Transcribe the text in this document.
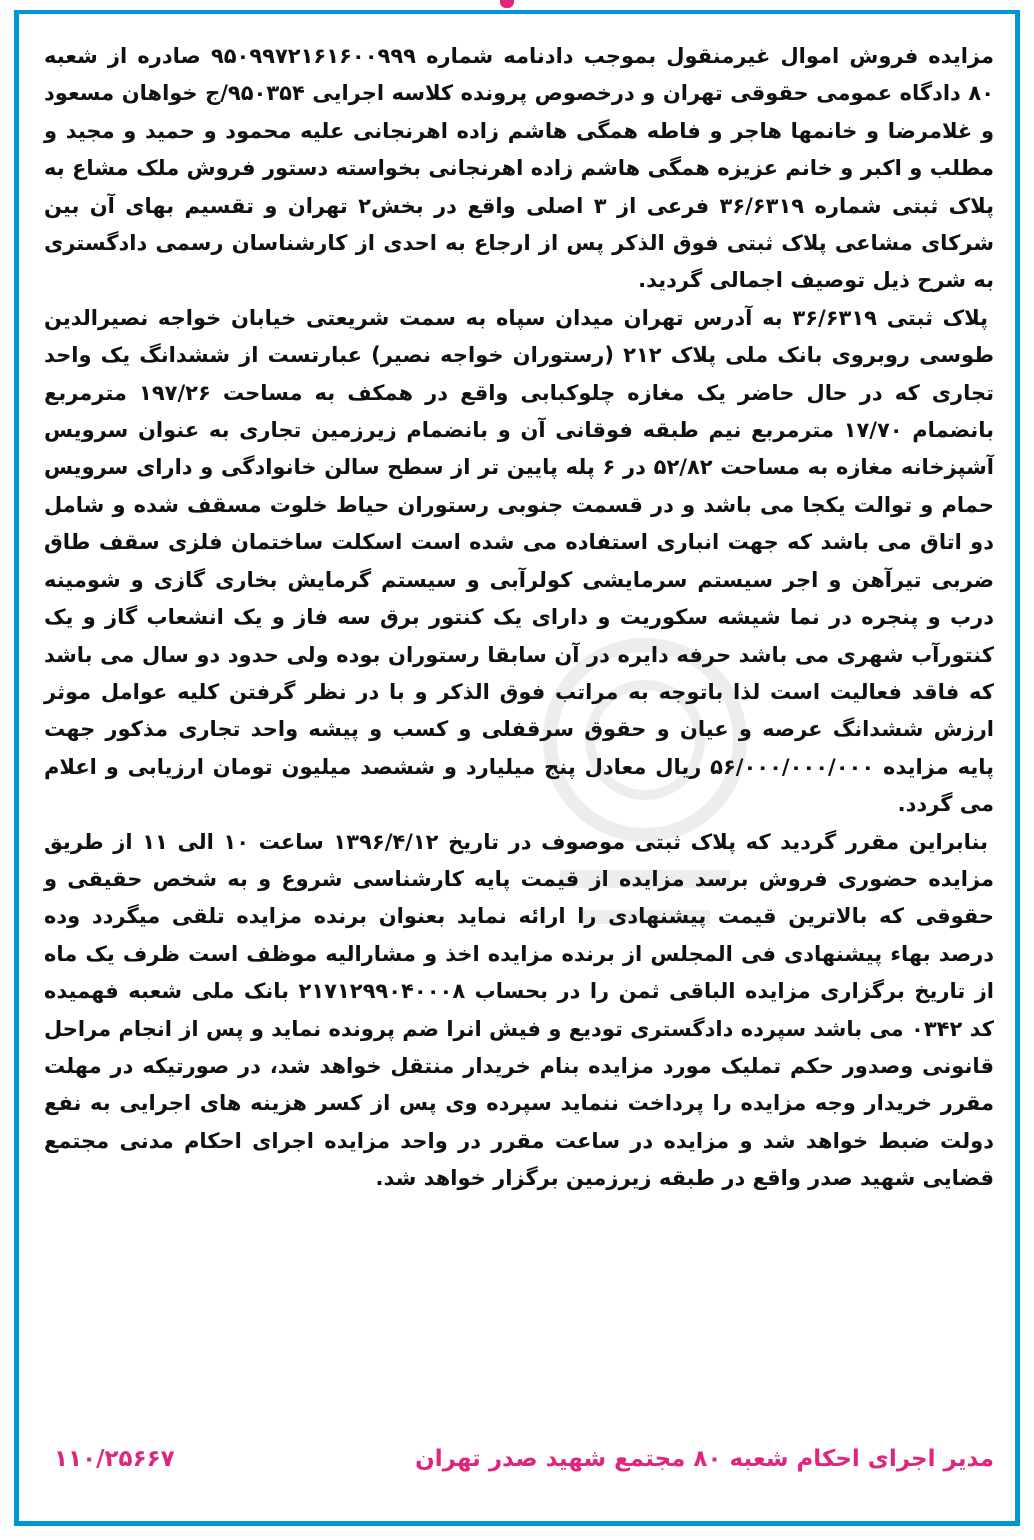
مزایده فروش اموال غیرمنقول بموجب دادنامه شماره ۹۵۰۹۹۷۲۱۶۱۶۰۰۹۹۹ صادره از شعبه ۸۰ دادگاه عمومی حقوقی تهران و درخصوص پرونده کلاسه اجرایی ۹۵۰۳۵۴/ج خواهان مسعود و غلامرضا و خانمها هاجر و فاطه همگی هاشم زاده اهرنجانی علیه محمود و حمید و مجید و مطلب و اکبر و خانم عزیزه همگی هاشم زاده اهرنجانی بخواسته دستور فروش ملک مشاع به پلاک ثبتی شماره ۳۶/۶۳۱۹ فرعی از ۳ اصلی واقع در بخش۲ تهران و تقسیم بهای آن بین شرکای مشاعی پلاک ثبتی فوق الذکر پس از ارجاع به احدی از کارشناسان رسمی دادگستری به شرح ذیل توصیف اجمالی گردید.

پلاک ثبتی ۳۶/۶۳۱۹ به آدرس تهران میدان سپاه به سمت شریعتی خیابان خواجه نصیرالدین طوسی روبروی بانک ملی پلاک ۲۱۲ (رستوران خواجه نصیر) عبارتست از ششدانگ یک واحد تجاری که در حال حاضر یک مغازه چلوکبابی واقع در همکف به مساحت ۱۹۷/۲۶ مترمربع بانضمام ۱۷/۷۰ مترمربع نیم طبقه فوقانی آن و بانضمام زیرزمین تجاری به عنوان سرویس آشپزخانه مغازه به مساحت ۵۲/۸۲ در ۶ پله پایین تر از سطح سالن خانوادگی و دارای سرویس حمام و توالت یکجا می باشد و در قسمت جنوبی رستوران حیاط خلوت مسقف شده و شامل دو اتاق می باشد که جهت انباری استفاده می شده است اسکلت ساختمان فلزی سقف طاق ضربی تیرآهن و اجر سیستم سرمایشی کولرآبی و سیستم گرمایش بخاری گازی و شومینه درب و پنجره در نما شیشه سکوریت و دارای یک کنتور برق سه فاز و یک انشعاب گاز و یک کنتورآب شهری می باشد حرفه دایره در آن سابقا رستوران بوده ولی حدود دو سال می باشد که فاقد فعالیت است لذا باتوجه به مراتب فوق الذکر و با در نظر گرفتن کلیه عوامل موثر ارزش ششدانگ عرصه و عیان و حقوق سرقفلی و کسب و پیشه واحد تجاری مذکور جهت پایه مزایده ۵۶/۰۰۰/۰۰۰/۰۰۰ ریال معادل پنج میلیارد و ششصد میلیون تومان ارزیابی و اعلام می گردد.

بنابراین مقرر گردید که پلاک ثبتی موصوف در تاریخ ۱۳۹۶/۴/۱۲ ساعت ۱۰ الی ۱۱ از طریق مزایده حضوری فروش برسد مزایده از قیمت پایه کارشناسی شروع و به شخص حقیقی و حقوقی که بالاترین قیمت پیشنهادی را ارائه نماید بعنوان برنده مزایده تلقی میگردد وده درصد بهاء پیشنهادی فی المجلس از برنده مزایده اخذ و مشارالیه موظف است ظرف یک ماه از تاریخ برگزاری مزایده الباقی ثمن را در بحساب ۲۱۷۱۲۹۹۰۴۰۰۰۸ بانک ملی شعبه فهمیده کد ۰۳۴۲ می باشد سپرده دادگستری توديع و فیش انرا ضم پرونده نماید و پس از انجام مراحل قانونی وصدور حکم تملیک مورد مزایده بنام خریدار منتقل خواهد شد، در صورتیکه در مهلت مقرر خریدار وجه مزایده را پرداخت ننماید سپرده وی پس از کسر هزینه های اجرایی به نفع دولت ضبط خواهد شد و مزایده در ساعت مقرر در واحد مزایده اجرای احکام مدنی مجتمع قضایی شهید صدر واقع در طبقه زیرزمین برگزار خواهد شد.

مدیر اجرای احکام شعبه ۸۰ مجتمع شهید صدر تهران
۱۱۰/۲۵۶۶۷
